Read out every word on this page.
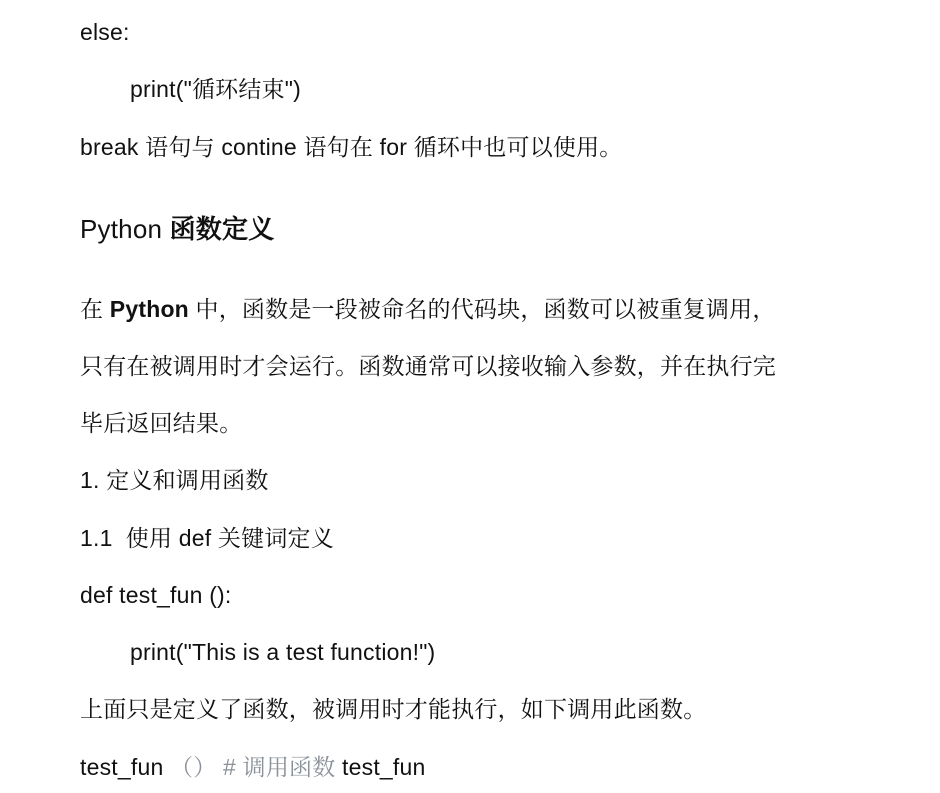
else:
print("循环结束")
break 语句与 contine 语句在 for 循环中也可以使用。
Python 函数定义
在 Python 中，函数是一段被命名的代码块，函数可以被重复调用，
只有在被调用时才会运行。函数通常可以接收输入参数，并在执行完
毕后返回结果。
1. 定义和调用函数
1.1 使用 def 关键词定义
def test_fun ():
print("This is a test function!")
上面只是定义了函数，被调用时才能执行，如下调用此函数。
test_fun （） # 调用函数 test_fun
